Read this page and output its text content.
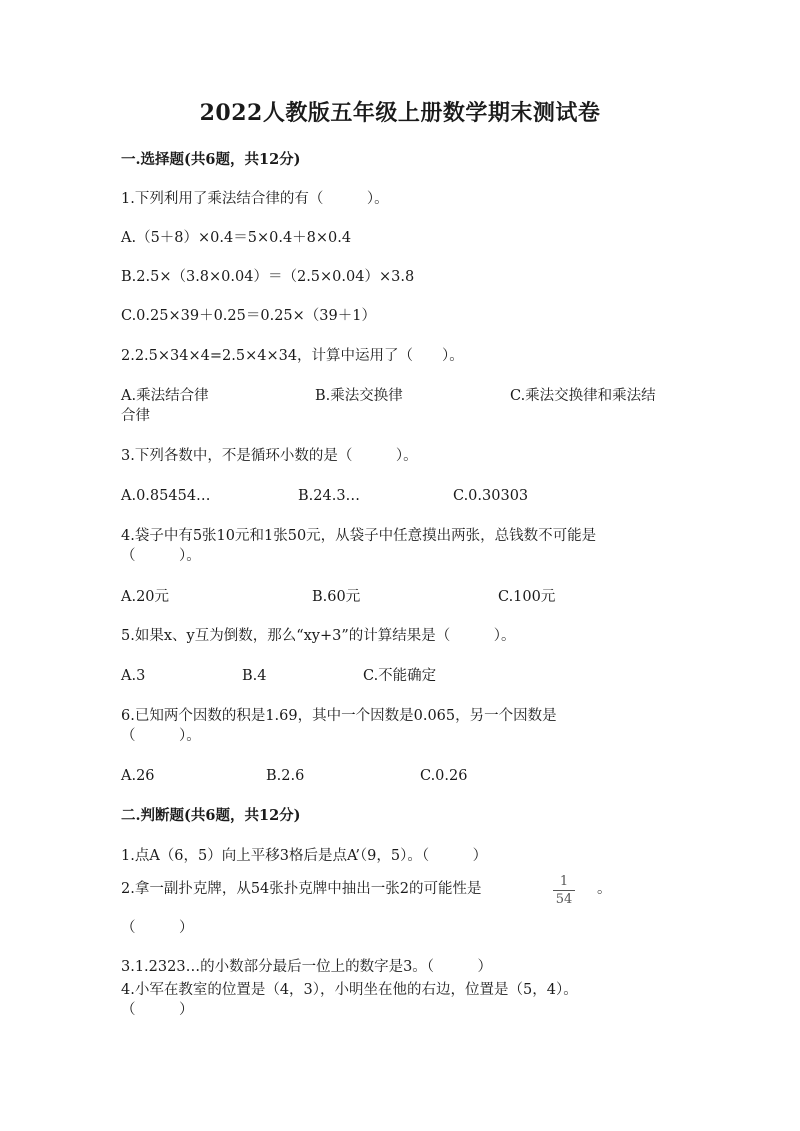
2022人教版五年级上册数学期末测试卷
一.选择题(共6题，共12分)
1.下列利用了乘法结合律的有（　　　）。
A.（5＋8）×0.4＝5×0.4＋8×0.4
B.2.5×（3.8×0.04）＝（2.5×0.04）×3.8
C.0.25×39＋0.25＝0.25×（39＋1）
2.2.5×34×4=2.5×4×34，计算中运用了（　　）。
A.乘法结合律	B.乘法交换律	C.乘法交换律和乘法结
合律
3.下列各数中，不是循环小数的是（　　　）。
A.0.85454…	B.24.3…	C.0.30303
4.袋子中有5张10元和1张50元，从袋子中任意摸出两张，总钱数不可能是
（　　　）。
A.20元	B.60元	C.100元
5.如果x、y互为倒数，那么“xy+3”的计算结果是（　　　）。
A.3	B.4	C.不能确定
6.已知两个因数的积是1.69，其中一个因数是0.065，另一个因数是
（　　　）。
A.26	B.2.6	C.0.26
二.判断题(共6题，共12分)
1.点A（6，5）向上平移3格后是点A’（9，5）。（　　　）
2.拿一副扑克牌，从54张扑克牌中抽出一张2的可能性是	$\frac{1}{54}$ 。
（　　　）
3.1.2323…的小数部分最后一位上的数字是3。（　　　）
4.小军在教室的位置是（4，3），小明坐在他的右边，位置是（5，4）。
（　　　）
